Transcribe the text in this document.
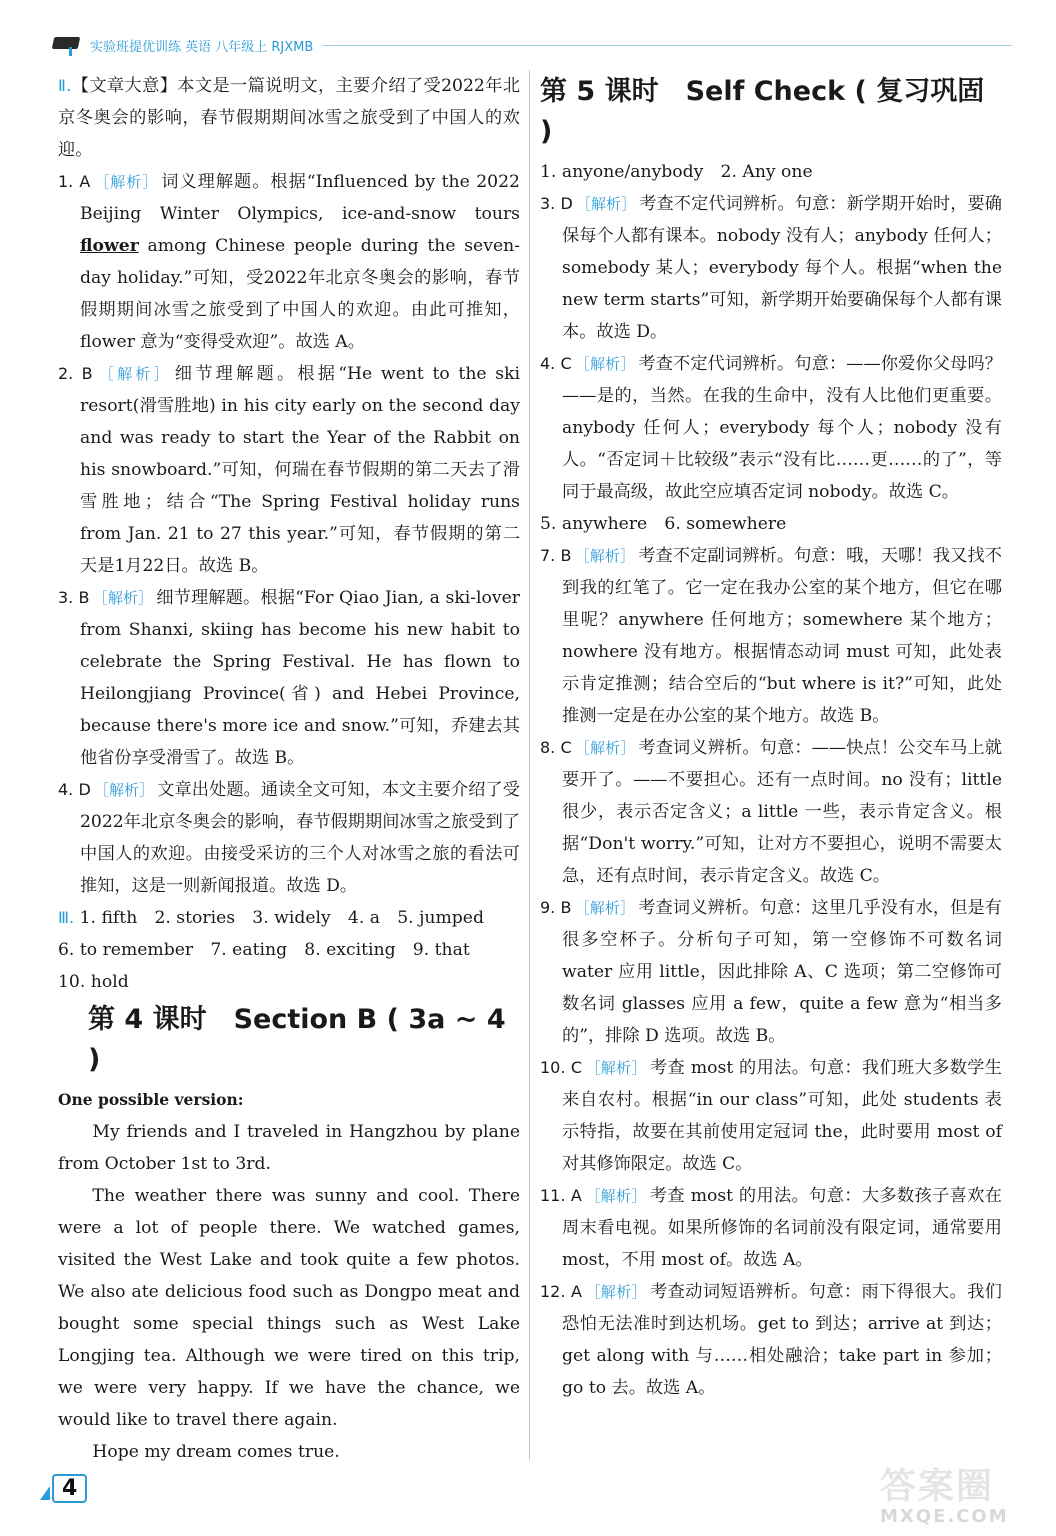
实验班提优训练 英语 八年级上 RJXMB

Ⅱ.【文章大意】本文是一篇说明文，主要介绍了受2022年北京冬奥会的影响，春节假期期间冰雪之旅受到了中国人的欢迎。

1. A ［解析］ 词义理解题。根据“Influenced by the 2022 Beijing Winter Olympics, ice-and-snow tours flower among Chinese people during the seven-day holiday.”可知，受2022年北京冬奥会的影响，春节假期期间冰雪之旅受到了中国人的欢迎。由此可推知，flower 意为“变得受欢迎”。故选 A。

2. B ［解析］ 细节理解题。根据“He went to the ski resort(滑雪胜地) in his city early on the second day and was ready to start the Year of the Rabbit on his snowboard.”可知，何瑞在春节假期的第二天去了滑雪胜地；结合“The Spring Festival holiday runs from Jan. 21 to 27 this year.”可知，春节假期的第二天是1月22日。故选 B。

3. B ［解析］ 细节理解题。根据“For Qiao Jian, a ski-lover from Shanxi, skiing has become his new habit to celebrate the Spring Festival. He has flown to Heilongjiang Province(省) and Hebei Province, because there's more ice and snow.”可知，乔建去其他省份享受滑雪了。故选 B。

4. D ［解析］ 文章出处题。通读全文可知，本文主要介绍了受2022年北京冬奥会的影响，春节假期期间冰雪之旅受到了中国人的欢迎。由接受采访的三个人对冰雪之旅的看法可推知，这是一则新闻报道。故选 D。

Ⅲ. 1. fifth　2. stories　3. widely　4. a　5. jumped

6. to remember　7. eating　8. exciting　9. that

10. hold

第 4 课时　Section B ( 3a ~ 4 )

One possible version:

My friends and I traveled in Hangzhou by plane from October 1st to 3rd.

The weather there was sunny and cool. There were a lot of people there. We watched games, visited the West Lake and took quite a few photos. We also ate delicious food such as Dongpo meat and bought some special things such as West Lake Longjing tea. Although we were tired on this trip, we were very happy. If we have the chance, we would like to travel there again.

Hope my dream comes true.

第 5 课时　Self Check ( 复习巩固 )

1. anyone/anybody　2. Any one

3. D ［解析］ 考查不定代词辨析。句意：新学期开始时，要确保每个人都有课本。nobody 没有人；anybody 任何人；somebody 某人；everybody 每个人。根据“when the new term starts”可知，新学期开始要确保每个人都有课本。故选 D。

4. C ［解析］ 考查不定代词辨析。句意：——你爱你父母吗？——是的，当然。在我的生命中，没有人比他们更重要。anybody 任何人；everybody 每个人；nobody 没有人。“否定词＋比较级”表示“没有比……更……的了”，等同于最高级，故此空应填否定词 nobody。故选 C。

5. anywhere　6. somewhere

7. B ［解析］ 考查不定副词辨析。句意：哦，天哪！我又找不到我的红笔了。它一定在我办公室的某个地方，但它在哪里呢？anywhere 任何地方；somewhere 某个地方；nowhere 没有地方。根据情态动词 must 可知，此处表示肯定推测；结合空后的“but where is it?”可知，此处推测一定是在办公室的某个地方。故选 B。

8. C ［解析］ 考查词义辨析。句意：——快点！公交车马上就要开了。——不要担心。还有一点时间。no 没有；little 很少，表示否定含义；a little 一些，表示肯定含义。根据“Don't worry.”可知，让对方不要担心，说明不需要太急，还有点时间，表示肯定含义。故选 C。

9. B ［解析］ 考查词义辨析。句意：这里几乎没有水，但是有很多空杯子。分析句子可知，第一空修饰不可数名词 water 应用 little，因此排除 A、C 选项；第二空修饰可数名词 glasses 应用 a few，quite a few 意为“相当多的”，排除 D 选项。故选 B。

10. C ［解析］ 考查 most 的用法。句意：我们班大多数学生来自农村。根据“in our class”可知，此处 students 表示特指，故要在其前使用定冠词 the，此时要用 most of 对其修饰限定。故选 C。

11. A ［解析］ 考查 most 的用法。句意：大多数孩子喜欢在周末看电视。如果所修饰的名词前没有限定词，通常要用 most，不用 most of。故选 A。

12. A ［解析］ 考查动词短语辨析。句意：雨下得很大。我们恐怕无法准时到达机场。get to 到达；arrive at 到达；get along with 与……相处融洽；take part in 参加；go to 去。故选 A。

4	答案圈
MXQE.COM
